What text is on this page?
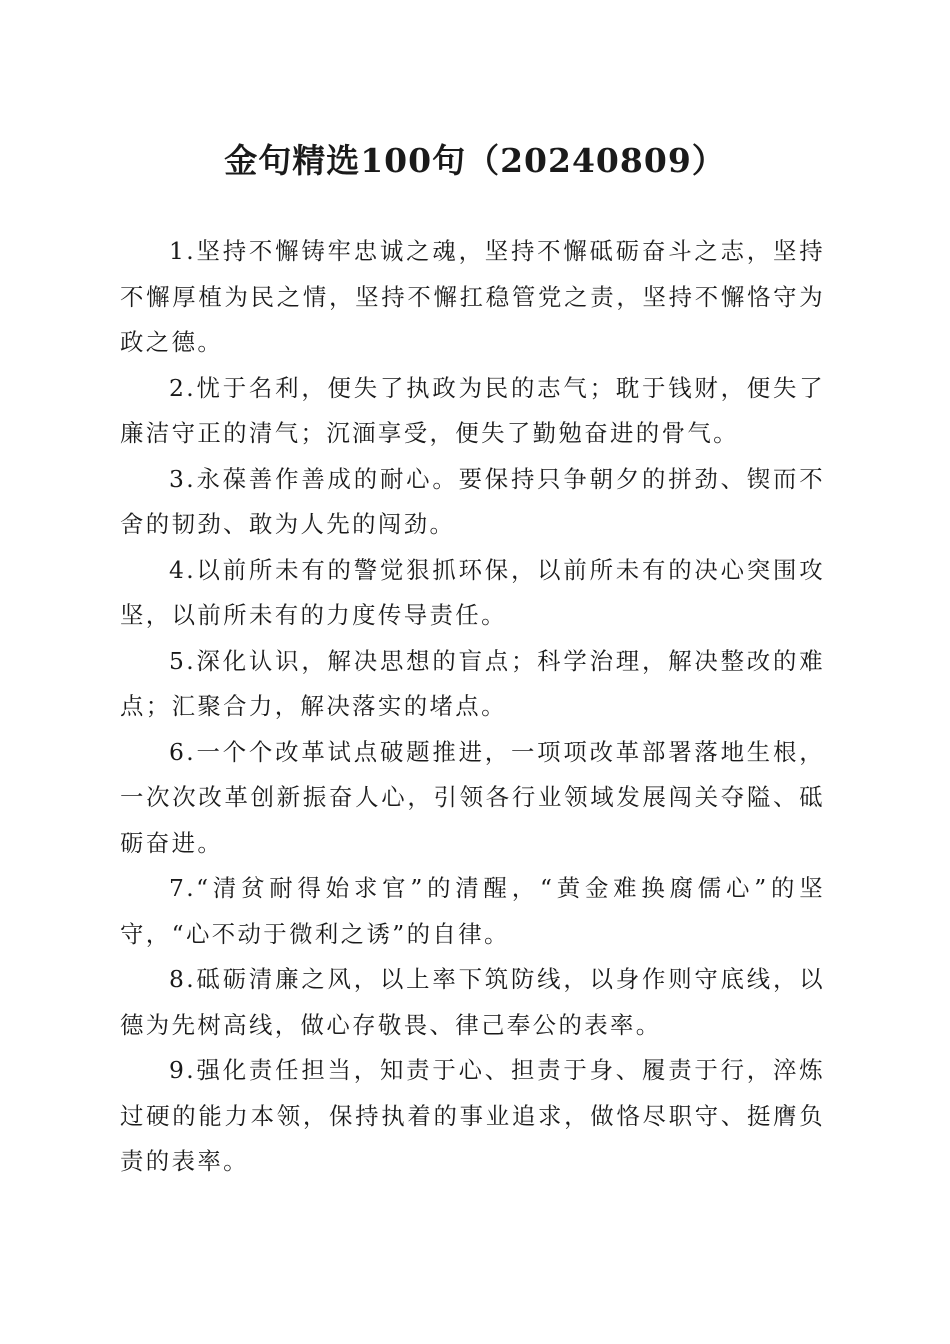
金句精选100句（20240809）

1.坚持不懈铸牢忠诚之魂，坚持不懈砥砺奋斗之志，坚持不懈厚植为民之情，坚持不懈扛稳管党之责，坚持不懈恪守为政之德。

2.忧于名利，便失了执政为民的志气；耽于钱财，便失了廉洁守正的清气；沉湎享受，便失了勤勉奋进的骨气。

3.永葆善作善成的耐心。要保持只争朝夕的拼劲、锲而不舍的韧劲、敢为人先的闯劲。

4.以前所未有的警觉狠抓环保，以前所未有的决心突围攻坚，以前所未有的力度传导责任。

5.深化认识，解决思想的盲点；科学治理，解决整改的难点；汇聚合力，解决落实的堵点。

6.一个个改革试点破题推进，一项项改革部署落地生根，一次次改革创新振奋人心，引领各行业领域发展闯关夺隘、砥砺奋进。

7.“清贫耐得始求官”的清醒，“黄金难换腐儒心”的坚守，“心不动于微利之诱”的自律。

8.砥砺清廉之风，以上率下筑防线，以身作则守底线，以德为先树高线，做心存敬畏、律己奉公的表率。

9.强化责任担当，知责于心、担责于身、履责于行，淬炼过硬的能力本领，保持执着的事业追求，做恪尽职守、挺膺负责的表率。
